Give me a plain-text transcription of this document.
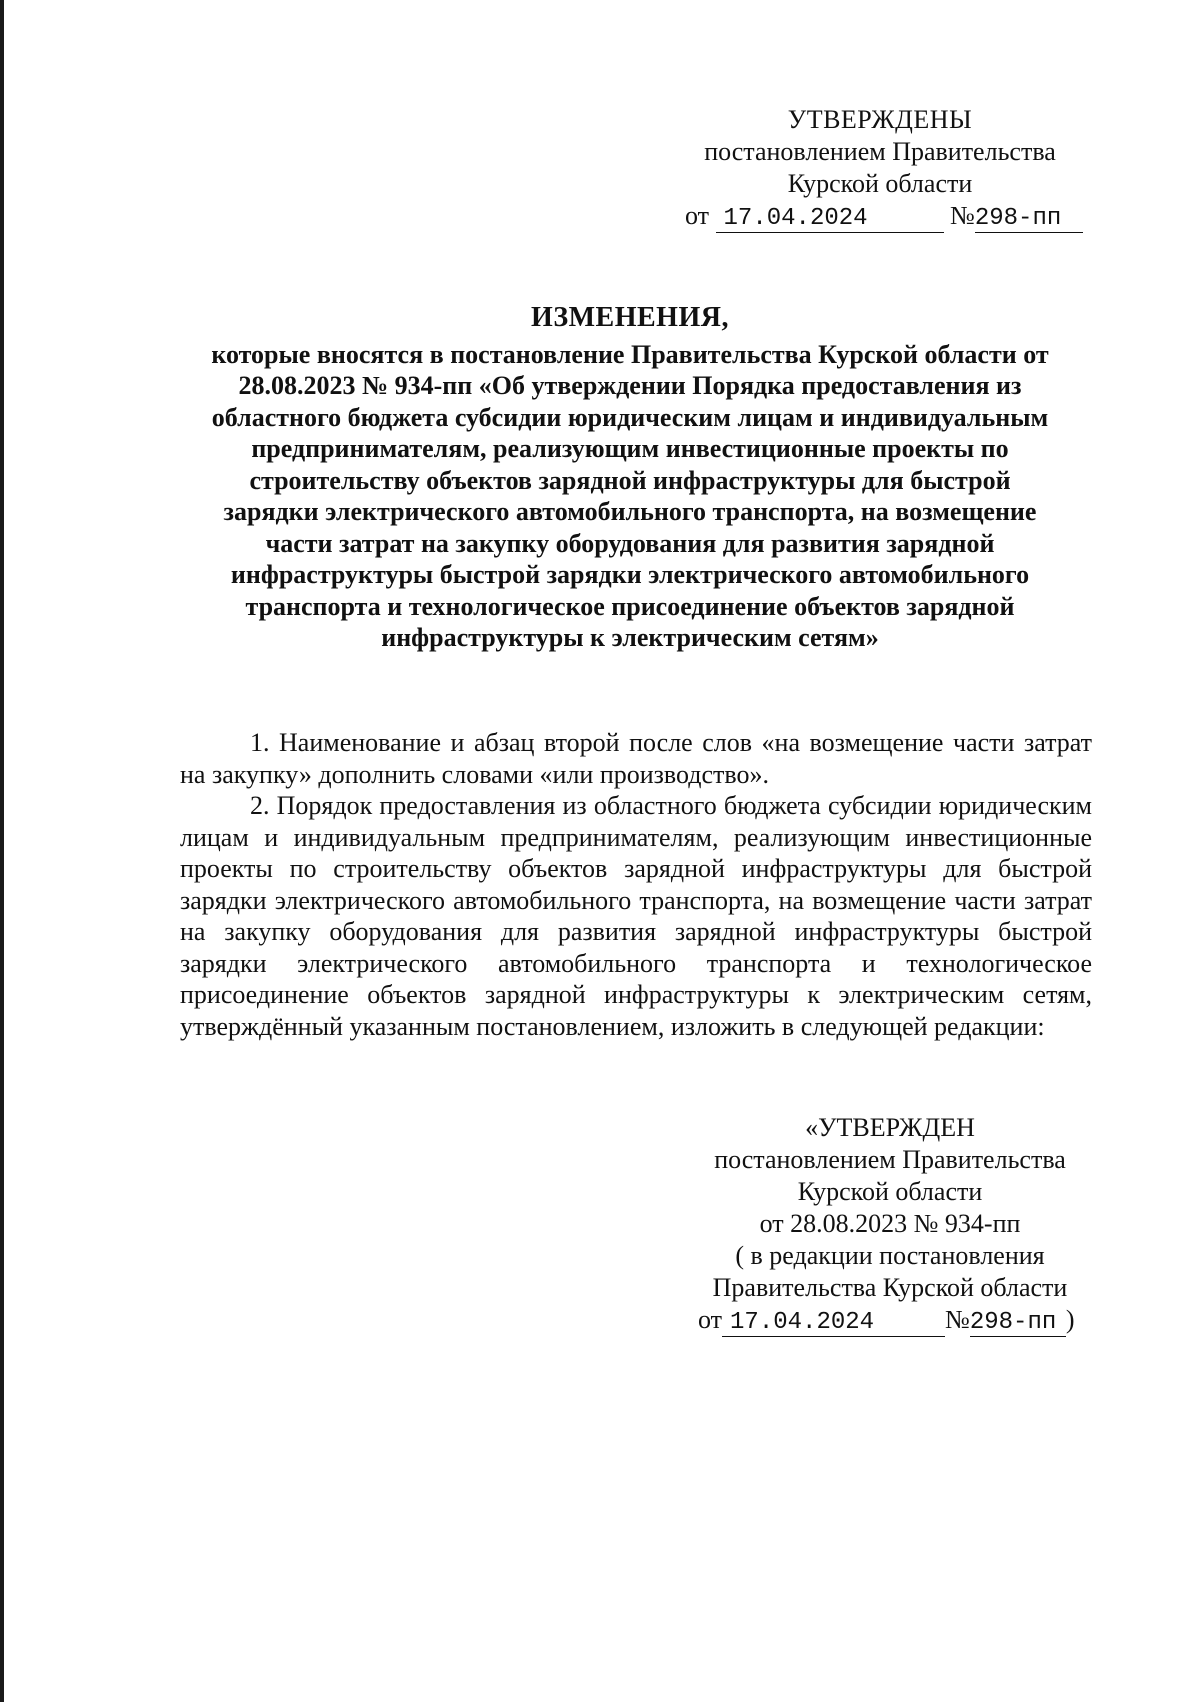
УТВЕРЖДЕНЫ
постановлением Правительства
Курской области
от 17.04.2024	№298-пп
ИЗМЕНЕНИЯ,
которые вносятся в постановление Правительства Курской области от
28.08.2023 № 934-пп «Об утверждении Порядка предоставления из
областного бюджета субсидии юридическим лицам и индивидуальным
предпринимателям, реализующим инвестиционные проекты по
строительству объектов зарядной инфраструктуры для быстрой
зарядки электрического автомобильного транспорта, на возмещение
части затрат на закупку оборудования для развития зарядной
инфраструктуры быстрой зарядки электрического автомобильного
транспорта и технологическое присоединение объектов зарядной
инфраструктуры к электрическим сетям»

1. Наименование и абзац второй после слов «на возмещение части затрат на закупку» дополнить словами «или производство».

2. Порядок предоставления из областного бюджета субсидии юридическим лицам и индивидуальным предпринимателям, реализующим инвестиционные проекты по строительству объектов зарядной инфраструктуры для быстрой зарядки электрического автомобильного транспорта, на возмещение части затрат на закупку оборудования для развития зарядной инфраструктуры быстрой зарядки электрического автомобильного транспорта и технологическое присоединение объектов зарядной инфраструктуры к электрическим сетям, утверждённый указанным постановлением, изложить в следующей редакции:

«УТВЕРЖДЕН
постановлением Правительства
Курской области
от 28.08.2023 № 934-пп
( в редакции постановления
Правительства Курской области
от 17.04.2024	№298-пп )
